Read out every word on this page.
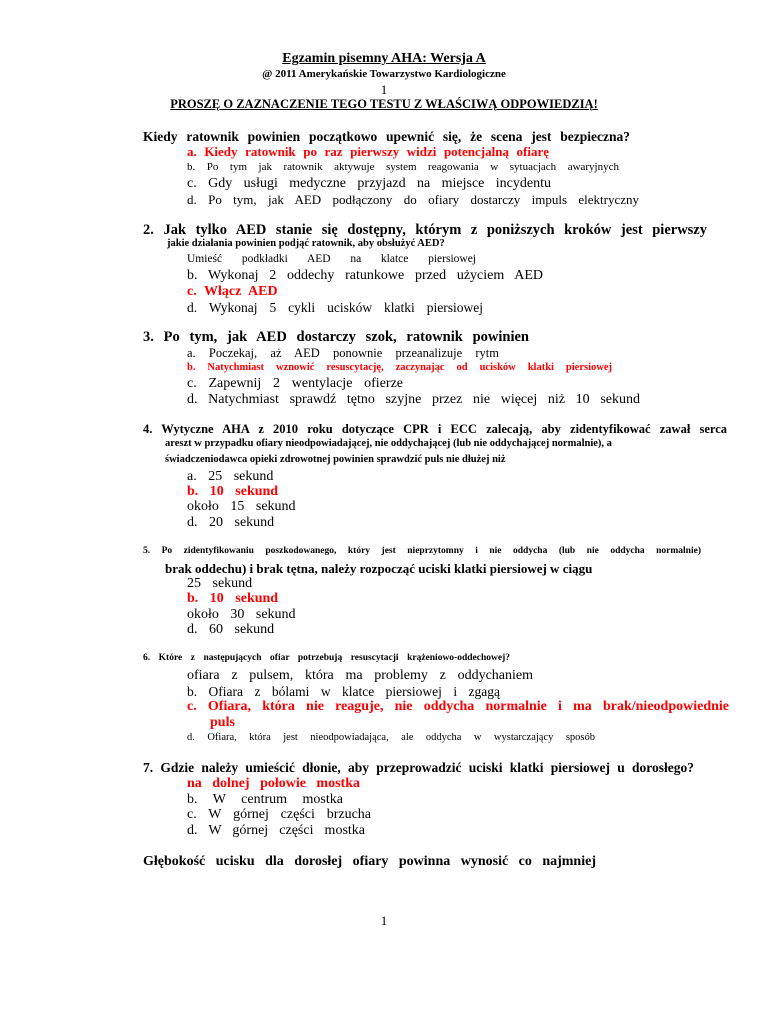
Egzamin pisemny AHA: Wersja A
@ 2011 Amerykańskie Towarzystwo Kardiologiczne
1
PROSZĘ O ZAZNACZENIE TEGO TESTU Z WŁAŚCIWĄ ODPOWIEDZIĄ!
Kiedy ratownik powinien początkowo upewnić się, że scena jest bezpieczna?
a. Kiedy ratownik po raz pierwszy widzi potencjalną ofiarę
b. Po tym jak ratownik aktywuje system reagowania w sytuacjach awaryjnych
c. Gdy usługi medyczne przyjazd na miejsce incydentu
d. Po tym, jak AED podłączony do ofiary dostarczy impuls elektryczny
2. Jak tylko AED stanie się dostępny, którym z poniższych kroków jest pierwszy
jakie działania powinien podjąć ratownik, aby obsłużyć AED?
Umieść podkładki AED na klatce piersiowej
b. Wykonaj 2 oddechy ratunkowe przed użyciem AED
c. Włącz AED
d. Wykonaj 5 cykli ucisków klatki piersiowej
3. Po tym, jak AED dostarczy szok, ratownik powinien
a. Poczekaj, aż AED ponownie przeanalizuje rytm
b. Natychmiast wznowić resuscytację, zaczynając od ucisków klatki piersiowej
c. Zapewnij 2 wentylacje ofierze
d. Natychmiast sprawdź tętno szyjne przez nie więcej niż 10 sekund
4. Wytyczne AHA z 2010 roku dotyczące CPR i ECC zalecają, aby zidentyfikować zawał serca
areszt w przypadku ofiary nieodpowiadającej, nie oddychającej (lub nie oddychającej normalnie), a
świadczeniodawca opieki zdrowotnej powinien sprawdzić puls nie dłużej niż
a. 25 sekund
b. 10 sekund
około 15 sekund
d. 20 sekund
5. Po zidentyfikowaniu poszkodowanego, który jest nieprzytomny i nie oddycha (lub nie oddycha normalnie)
brak oddechu) i brak tętna, należy rozpocząć uciski klatki piersiowej w ciągu
25 sekund
b. 10 sekund
około 30 sekund
d. 60 sekund
6. Które z następujących ofiar potrzebują resuscytacji krążeniowo-oddechowej?
ofiara z pulsem, która ma problemy z oddychaniem
b. Ofiara z bólami w klatce piersiowej i zgagą
c. Ofiara, która nie reaguje, nie oddycha normalnie i ma brak/nieodpowiednie
puls
d. Ofiara, która jest nieodpowiadająca, ale oddycha w wystarczający sposób
7. Gdzie należy umieścić dłonie, aby przeprowadzić uciski klatki piersiowej u dorosłego?
na dolnej połowie mostka
b. W centrum mostka
c. W górnej części brzucha
d. W górnej części mostka
Głębokość ucisku dla dorosłej ofiary powinna wynosić co najmniej
1
